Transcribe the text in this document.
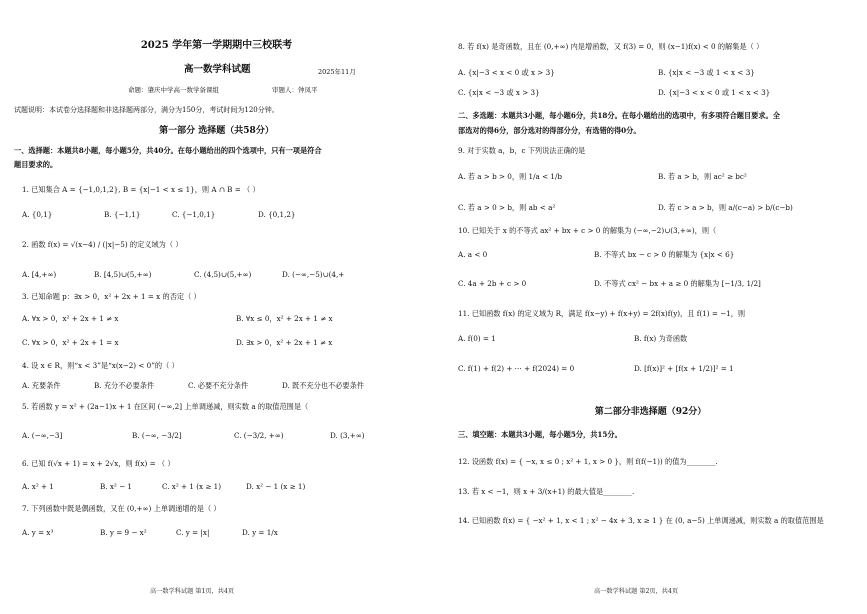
2025 学年第一学期期中三校联考
高一数学科试题	2025年11月
命题：肇庆中学高一数学备课组	审题人：钟凤平
试题说明：本试卷分选择题和非选择题两部分，满分为150分，考试时间为120分钟。
第一部分 选择题（共58分）
一、选择题：本题共8小题，每小题5分，共40分。在每小题给出的四个选项中，只有一项是符合
题目要求的。
1. 已知集合 A = {−1,0,1,2}, B = {x|−1 < x ≤ 1}，则 A ∩ B = （ ）
A. {0,1}	B. {−1,1}	C. {−1,0,1}	D. {0,1,2}
2. 函数 f(x) = √(x−4) / (|x|−5) 的定义域为（ ）
A. [4,+∞)	B. [4,5)∪(5,+∞)	C. (4,5)∪(5,+∞)	D. (−∞,−5)∪(4,+
3. 已知命题 p：∃x > 0，x² + 2x + 1 = x 的否定（ ）
A. ∀x > 0，x² + 2x + 1 ≠ x	B. ∀x ≤ 0，x² + 2x + 1 ≠ x
C. ∀x > 0，x² + 2x + 1 = x	D. ∃x > 0，x² + 2x + 1 ≠ x
4. 设 x ∈ R，则“x < 3”是“x(x−2) < 0”的（ ）
A. 充要条件	B. 充分不必要条件	C. 必要不充分条件	D. 既不充分也不必要条件
5. 若函数 y = x² + (2a−1)x + 1 在区间 (−∞,2] 上单调递减，则实数 a 的取值范围是（
A. (−∞,−3]	B. (−∞, −3/2]	C. (−3/2, +∞)	D. (3,+∞)
6. 已知 f(√x + 1) = x + 2√x，则 f(x) = （ ）
A. x² + 1	B. x² − 1	C. x² + 1 (x ≥ 1)	D. x² − 1 (x ≥ 1)
7. 下列函数中既是偶函数，又在 (0,+∞) 上单调递增的是（ ）
A. y = x³	B. y = 9 − x²	C. y = |x|	D. y = 1/x
高一数学科试题 第1页，共4页
8. 若 f(x) 是奇函数，且在 (0,+∞) 内是增函数，又 f(3) = 0，则 (x−1)f(x) < 0 的解集是（ ）
A. {x|−3 < x < 0 或 x > 3}	B. {x|x < −3 或 1 < x < 3}
C. {x|x < −3 或 x > 3}	D. {x|−3 < x < 0 或 1 < x < 3}
二、多选题：本题共3小题，每小题6分，共18分。在每小题给出的选项中，有多项符合题目要求。全
部选对的得6分，部分选对的得部分分，有选错的得0分。
9. 对于实数 a，b，c 下列说法正确的是
A. 若 a > b > 0，则 1/a < 1/b	B. 若 a > b，则 ac² ≥ bc²
C. 若 a > 0 > b，则 ab < a²	D. 若 c > a > b，则 a/(c−a) > b/(c−b)
10. 已知关于 x 的不等式 ax² + bx + c > 0 的解集为 (−∞,−2)∪(3,+∞)，则（
A. a < 0	B. 不等式 bx − c > 0 的解集为 {x|x < 6}
C. 4a + 2b + c > 0	D. 不等式 cx² − bx + a ≥ 0 的解集为 [−1/3, 1/2]
11. 已知函数 f(x) 的定义域为 R，满足 f(x−y) + f(x+y) = 2f(x)f(y)，且 f(1) = −1，则
A. f(0) = 1	B. f(x) 为奇函数
C. f(1) + f(2) + ⋯ + f(2024) = 0	D. [f(x)]² + [f(x + 1/2)]² = 1
第二部分非选择题（92分）
三、填空题：本题共3小题，每小题5分，共15分。
12. 设函数 f(x) = { −x, x ≤ 0 ; x² + 1, x > 0 }，则 f(f(−1)) 的值为________.
13. 若 x < −1，则 x + 3/(x+1) 的最大值是________.
14. 已知函数 f(x) = { −x² + 1, x < 1 ; x² − 4x + 3, x ≥ 1 } 在 (0, a−5) 上单调递减，则实数 a 的取值范围是
高一数学科试题 第2页，共4页
